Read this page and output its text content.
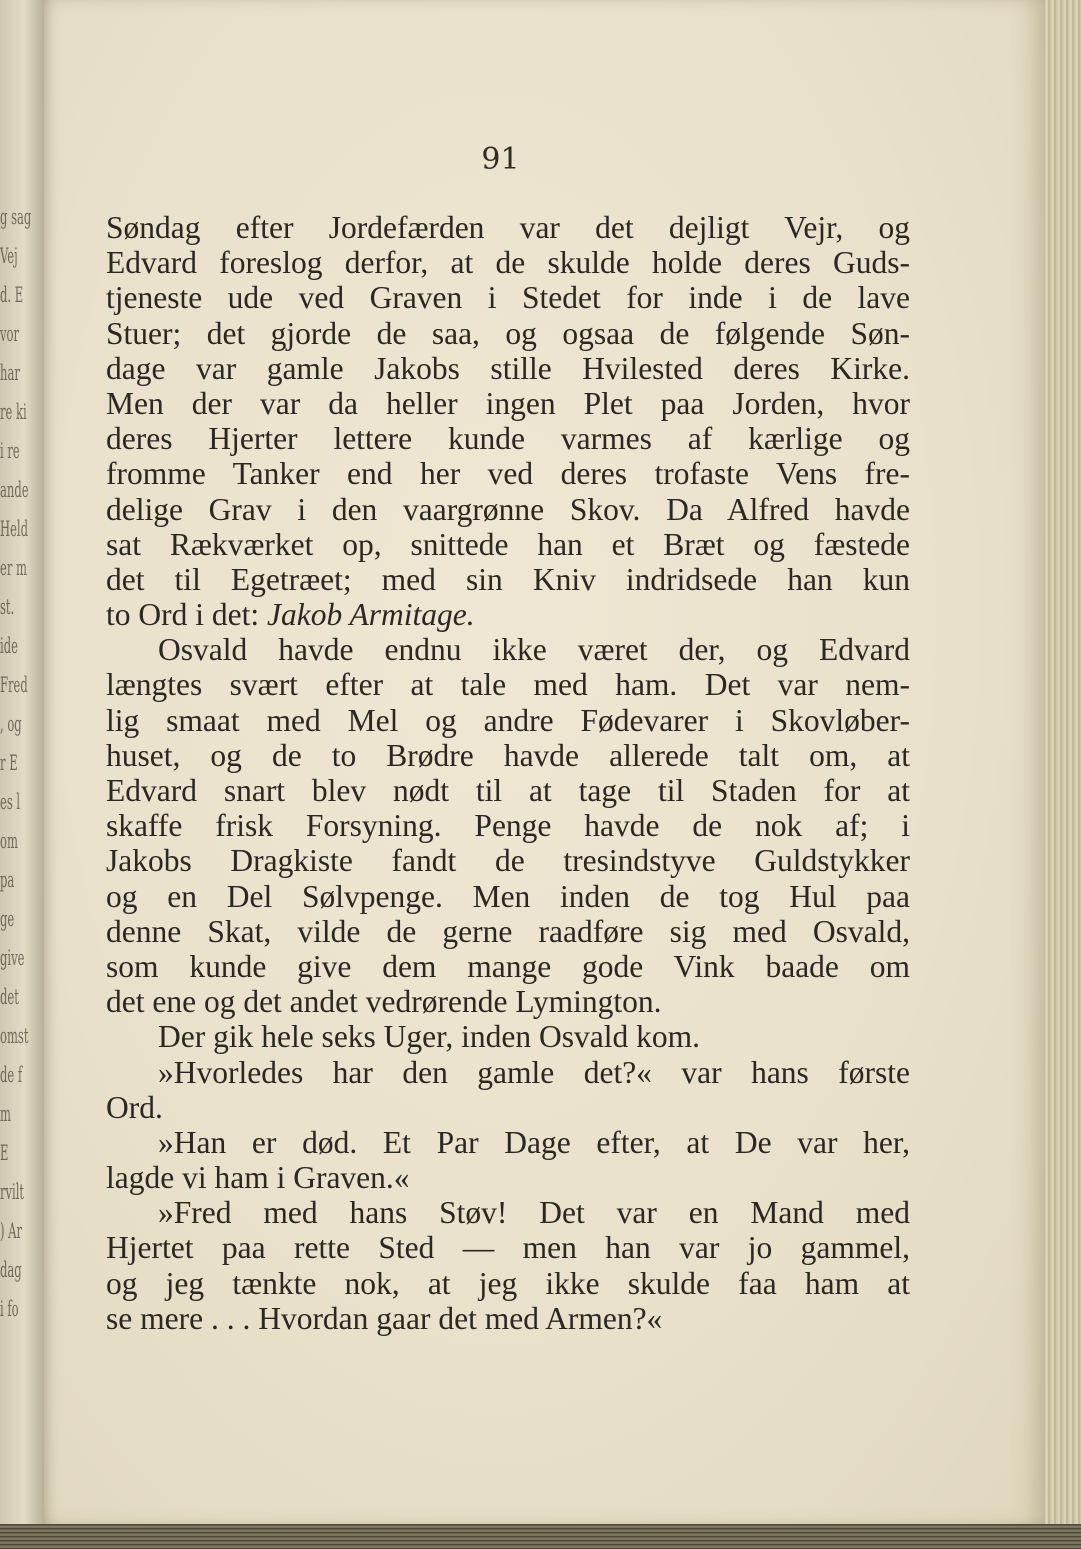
g sag
Vej
d. E
vor
har
re ki
i re
ande
Held
er m
st.
ide
Fred
, og
r E
es l
om
pa
ge
give
det
omst
de f
m
E
rvilt
) Ar
dag
i fo
91
Søndag efter Jordefærden var det dejligt Vejr, og
Edvard foreslog derfor, at de skulde holde deres Guds-
tjeneste ude ved Graven i Stedet for inde i de lave
Stuer; det gjorde de saa, og ogsaa de følgende Søn-
dage var gamle Jakobs stille Hvilested deres Kirke.
Men der var da heller ingen Plet paa Jorden, hvor
deres Hjerter lettere kunde varmes af kærlige og
fromme Tanker end her ved deres trofaste Vens fre-
delige Grav i den vaargrønne Skov. Da Alfred havde
sat Rækværket op, snittede han et Bræt og fæstede
det til Egetræet; med sin Kniv indridsede han kun
to Ord i det: Jakob Armitage.
Osvald havde endnu ikke været der, og Edvard
længtes svært efter at tale med ham. Det var nem-
lig smaat med Mel og andre Fødevarer i Skovløber-
huset, og de to Brødre havde allerede talt om, at
Edvard snart blev nødt til at tage til Staden for at
skaffe frisk Forsyning. Penge havde de nok af; i
Jakobs Dragkiste fandt de tresindstyve Guldstykker
og en Del Sølvpenge. Men inden de tog Hul paa
denne Skat, vilde de gerne raadføre sig med Osvald,
som kunde give dem mange gode Vink baade om
det ene og det andet vedrørende Lymington.
Der gik hele seks Uger, inden Osvald kom.
»Hvorledes har den gamle det?« var hans første
Ord.
»Han er død. Et Par Dage efter, at De var her,
lagde vi ham i Graven.«
»Fred med hans Støv! Det var en Mand med
Hjertet paa rette Sted — men han var jo gammel,
og jeg tænkte nok, at jeg ikke skulde faa ham at
se mere . . . Hvordan gaar det med Armen?«
